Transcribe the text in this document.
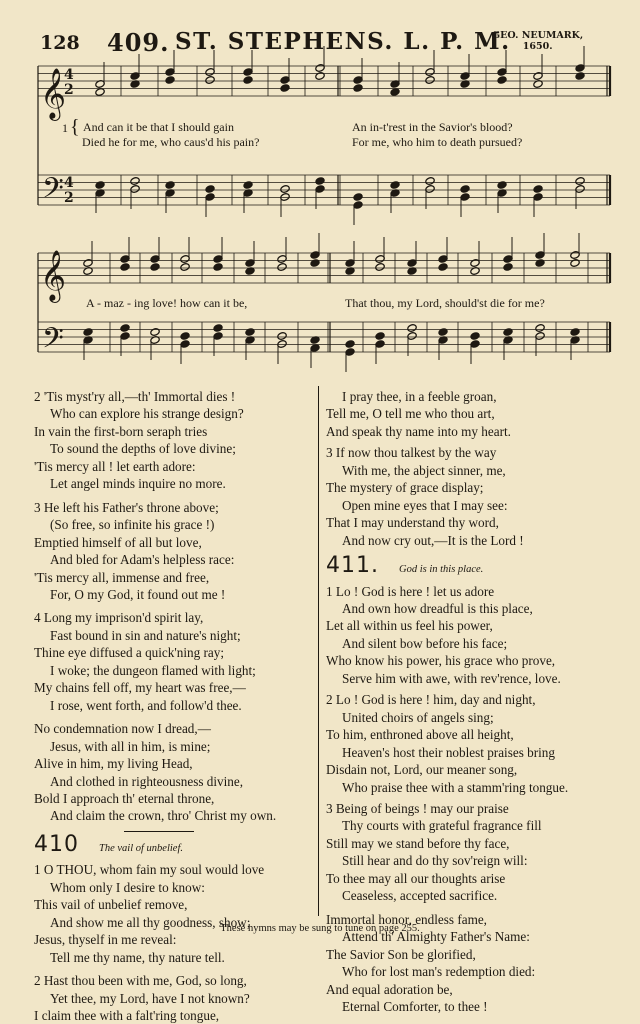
128 409. ST. STEPHENS. L. P. M.
GEO. NEUMARK,
1650.
𝄞
𝄢
𝄞
𝄢
4
2
4
2
1 { And can it be that I should gain	An in-t'rest in the Savior's blood?
Died he for me, who caus'd his pain?	For me, who him to death pursued?
A - maz - ing love! how can it be,	That thou, my Lord, should'st die for me?

2 'Tis myst'ry all,—th' Immortal dies !

Who can explore his strange design?

In vain the first-born seraph tries

To sound the depths of love divine;

'Tis mercy all ! let earth adore:

Let angel minds inquire no more.

3 He left his Father's throne above;

(So free, so infinite his grace !)

Emptied himself of all but love,

And bled for Adam's helpless race:

'Tis mercy all, immense and free,

For, O my God, it found out me !

4 Long my imprison'd spirit lay,

Fast bound in sin and nature's night;

Thine eye diffused a quick'ning ray;

I woke; the dungeon flamed with light;

My chains fell off, my heart was free,—

I rose, went forth, and follow'd thee.

No condemnation now I dread,—

Jesus, with all in him, is mine;

Alive in him, my living Head,

And clothed in righteousness divine,

Bold I approach th' eternal throne,

And claim the crown, thro' Christ my own.

410 The vail of unbelief.

1 O THOU, whom fain my soul would love

Whom only I desire to know:

This vail of unbelief remove,

And show me all thy goodness, show;

Jesus, thyself in me reveal:

Tell me thy name, thy nature tell.

2 Hast thou been with me, God, so long,

Yet thee, my Lord, have I not known?

I claim thee with a falt'ring tongue,

I pray thee, in a feeble groan,

Tell me, O tell me who thou art,

And speak thy name into my heart.

3 If now thou talkest by the way

With me, the abject sinner, me,

The mystery of grace display;

Open mine eyes that I may see:

That I may understand thy word,

And now cry out,—It is the Lord !

411. God is in this place.

1 Lo ! God is here ! let us adore

And own how dreadful is this place,

Let all within us feel his power,

And silent bow before his face;

Who know his power, his grace who prove,

Serve him with awe, with rev'rence, love.

2 Lo ! God is here ! him, day and night,

United choirs of angels sing;

To him, enthroned above all height,

Heaven's host their noblest praises bring

Disdain not, Lord, our meaner song,

Who praise thee with a stamm'ring tongue.

3 Being of beings ! may our praise

Thy courts with grateful fragrance fill

Still may we stand before thy face,

Still hear and do thy sov'reign will:

To thee may all our thoughts arise

Ceaseless, accepted sacrifice.

Immortal honor, endless fame,

Attend th' Almighty Father's Name:

The Savior Son be glorified,

Who for lost man's redemption died:

And equal adoration be,

Eternal Comforter, to thee !

These hymns may be sung to tune on page 255.
